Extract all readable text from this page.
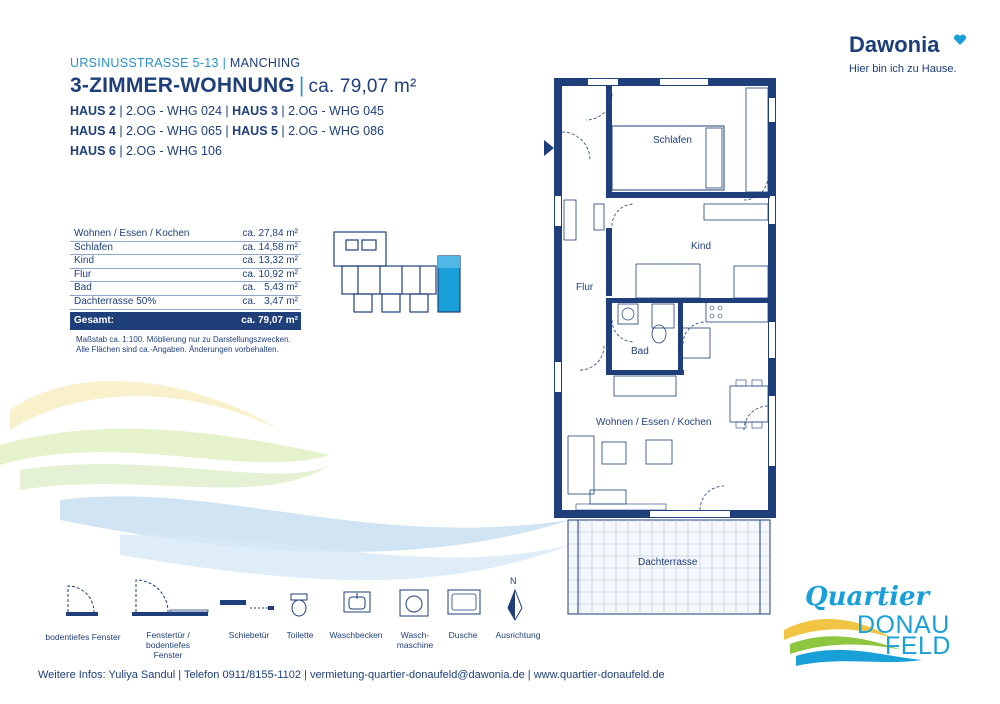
URSINUSSTRASSE 5-13 | MANCHING
3-ZIMMER-WOHNUNG | ca. 79,07 m²
HAUS 2 | 2.OG - WHG 024 | HAUS 3 | 2.OG - WHG 045
HAUS 4 | 2.OG - WHG 065 | HAUS 5 | 2.OG - WHG 086
HAUS 6 | 2.OG - WHG 106
Wohnen / Essen / Kochen	ca. 27,84 m²
Schlafen	ca. 14,58 m²
Kind	ca. 13,32 m²
Flur	ca. 10,92 m²
Bad	ca.   5,43 m²
Dachterrasse 50%	ca.   3,47 m²
Gesamt:	ca. 79,07 m²
Maßstab ca. 1:100. Möblierung nur zu Darstellungszwecken.
Alle Flächen sind ca.-Angaben. Änderungen vorbehalten.
Dawonia
Hier bin ich zu Hause.
Schlafen
Kind
Flur
Bad
Wohnen / Essen / Kochen
Dachterrasse
N
bodentiefes Fenster	Fenstertür /
bodentiefes
Fenster
Schiebetür	Toilette	Waschbecken	Wasch-
maschine
Dusche	Ausrichtung
Quartier
DONAU
FELD
Weitere Infos: Yuliya Sandul | Telefon 0911/8155-1102 | vermietung-quartier-donaufeld@dawonia.de | www.quartier-donaufeld.de
